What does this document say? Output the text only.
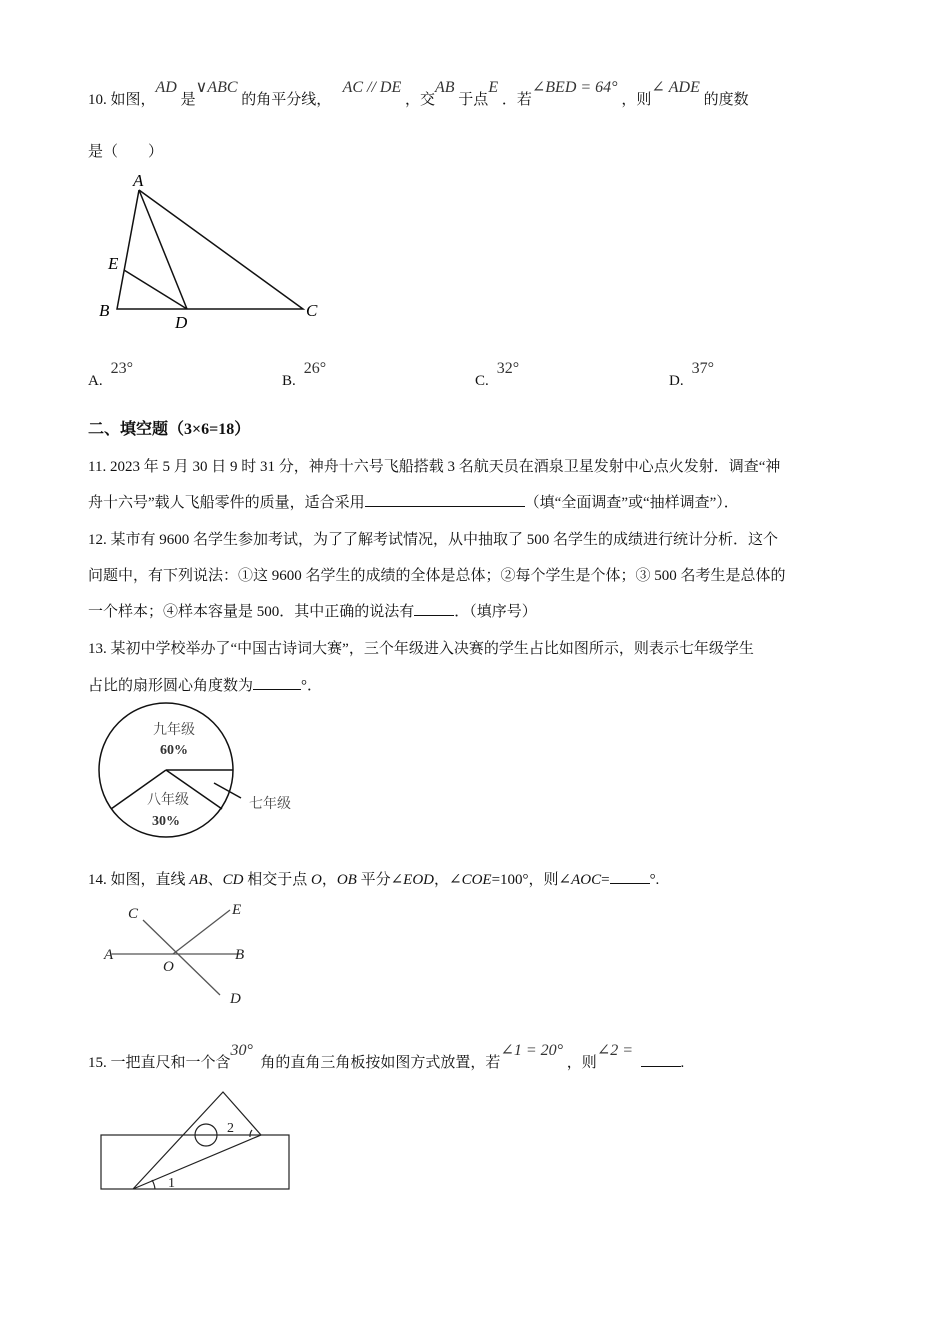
10. 如图，AD 是∨ABC 的角平分线，   AC // DE ，交AB 于点E ．若∠BED = 64° ，则∠ ADE 的度数
是（　　）
A
E
B
D
C
A.23°
B.26°
C.32°
D.37°
二、填空题（3×6=18）
11. 2023 年 5 月 30 日 9 时 31 分，神舟十六号飞船搭载 3 名航天员在酒泉卫星发射中心点火发射．调查“神
舟十六号”载人飞船零件的质量，适合采用	（填“全面调查”或“抽样调查”）．
12. 某市有 9600 名学生参加考试，为了了解考试情况，从中抽取了 500 名学生的成绩进行统计分析．这个
问题中，有下列说法：①这 9600 名学生的成绩的全体是总体；②每个学生是个体；③ 500 名考生是总体的
一个样本；④样本容量是 500．其中正确的说法有	．（填序号）
13. 某初中学校举办了“中国古诗词大赛”，三个年级进入决赛的学生占比如图所示，则表示七年级学生
占比的扇形圆心角度数为	°．
九年级
60%
八年级
30%
七年级
14. 如图，直线 AB、CD 相交于点 O，OB 平分∠EOD，∠COE=100°，则∠AOC=	°.
C	E
A	B
O
D
15. 一把直尺和一个含30°  角的直角三角板按如图方式放置，若∠1 = 20° ，则∠2 =  .
1
2
